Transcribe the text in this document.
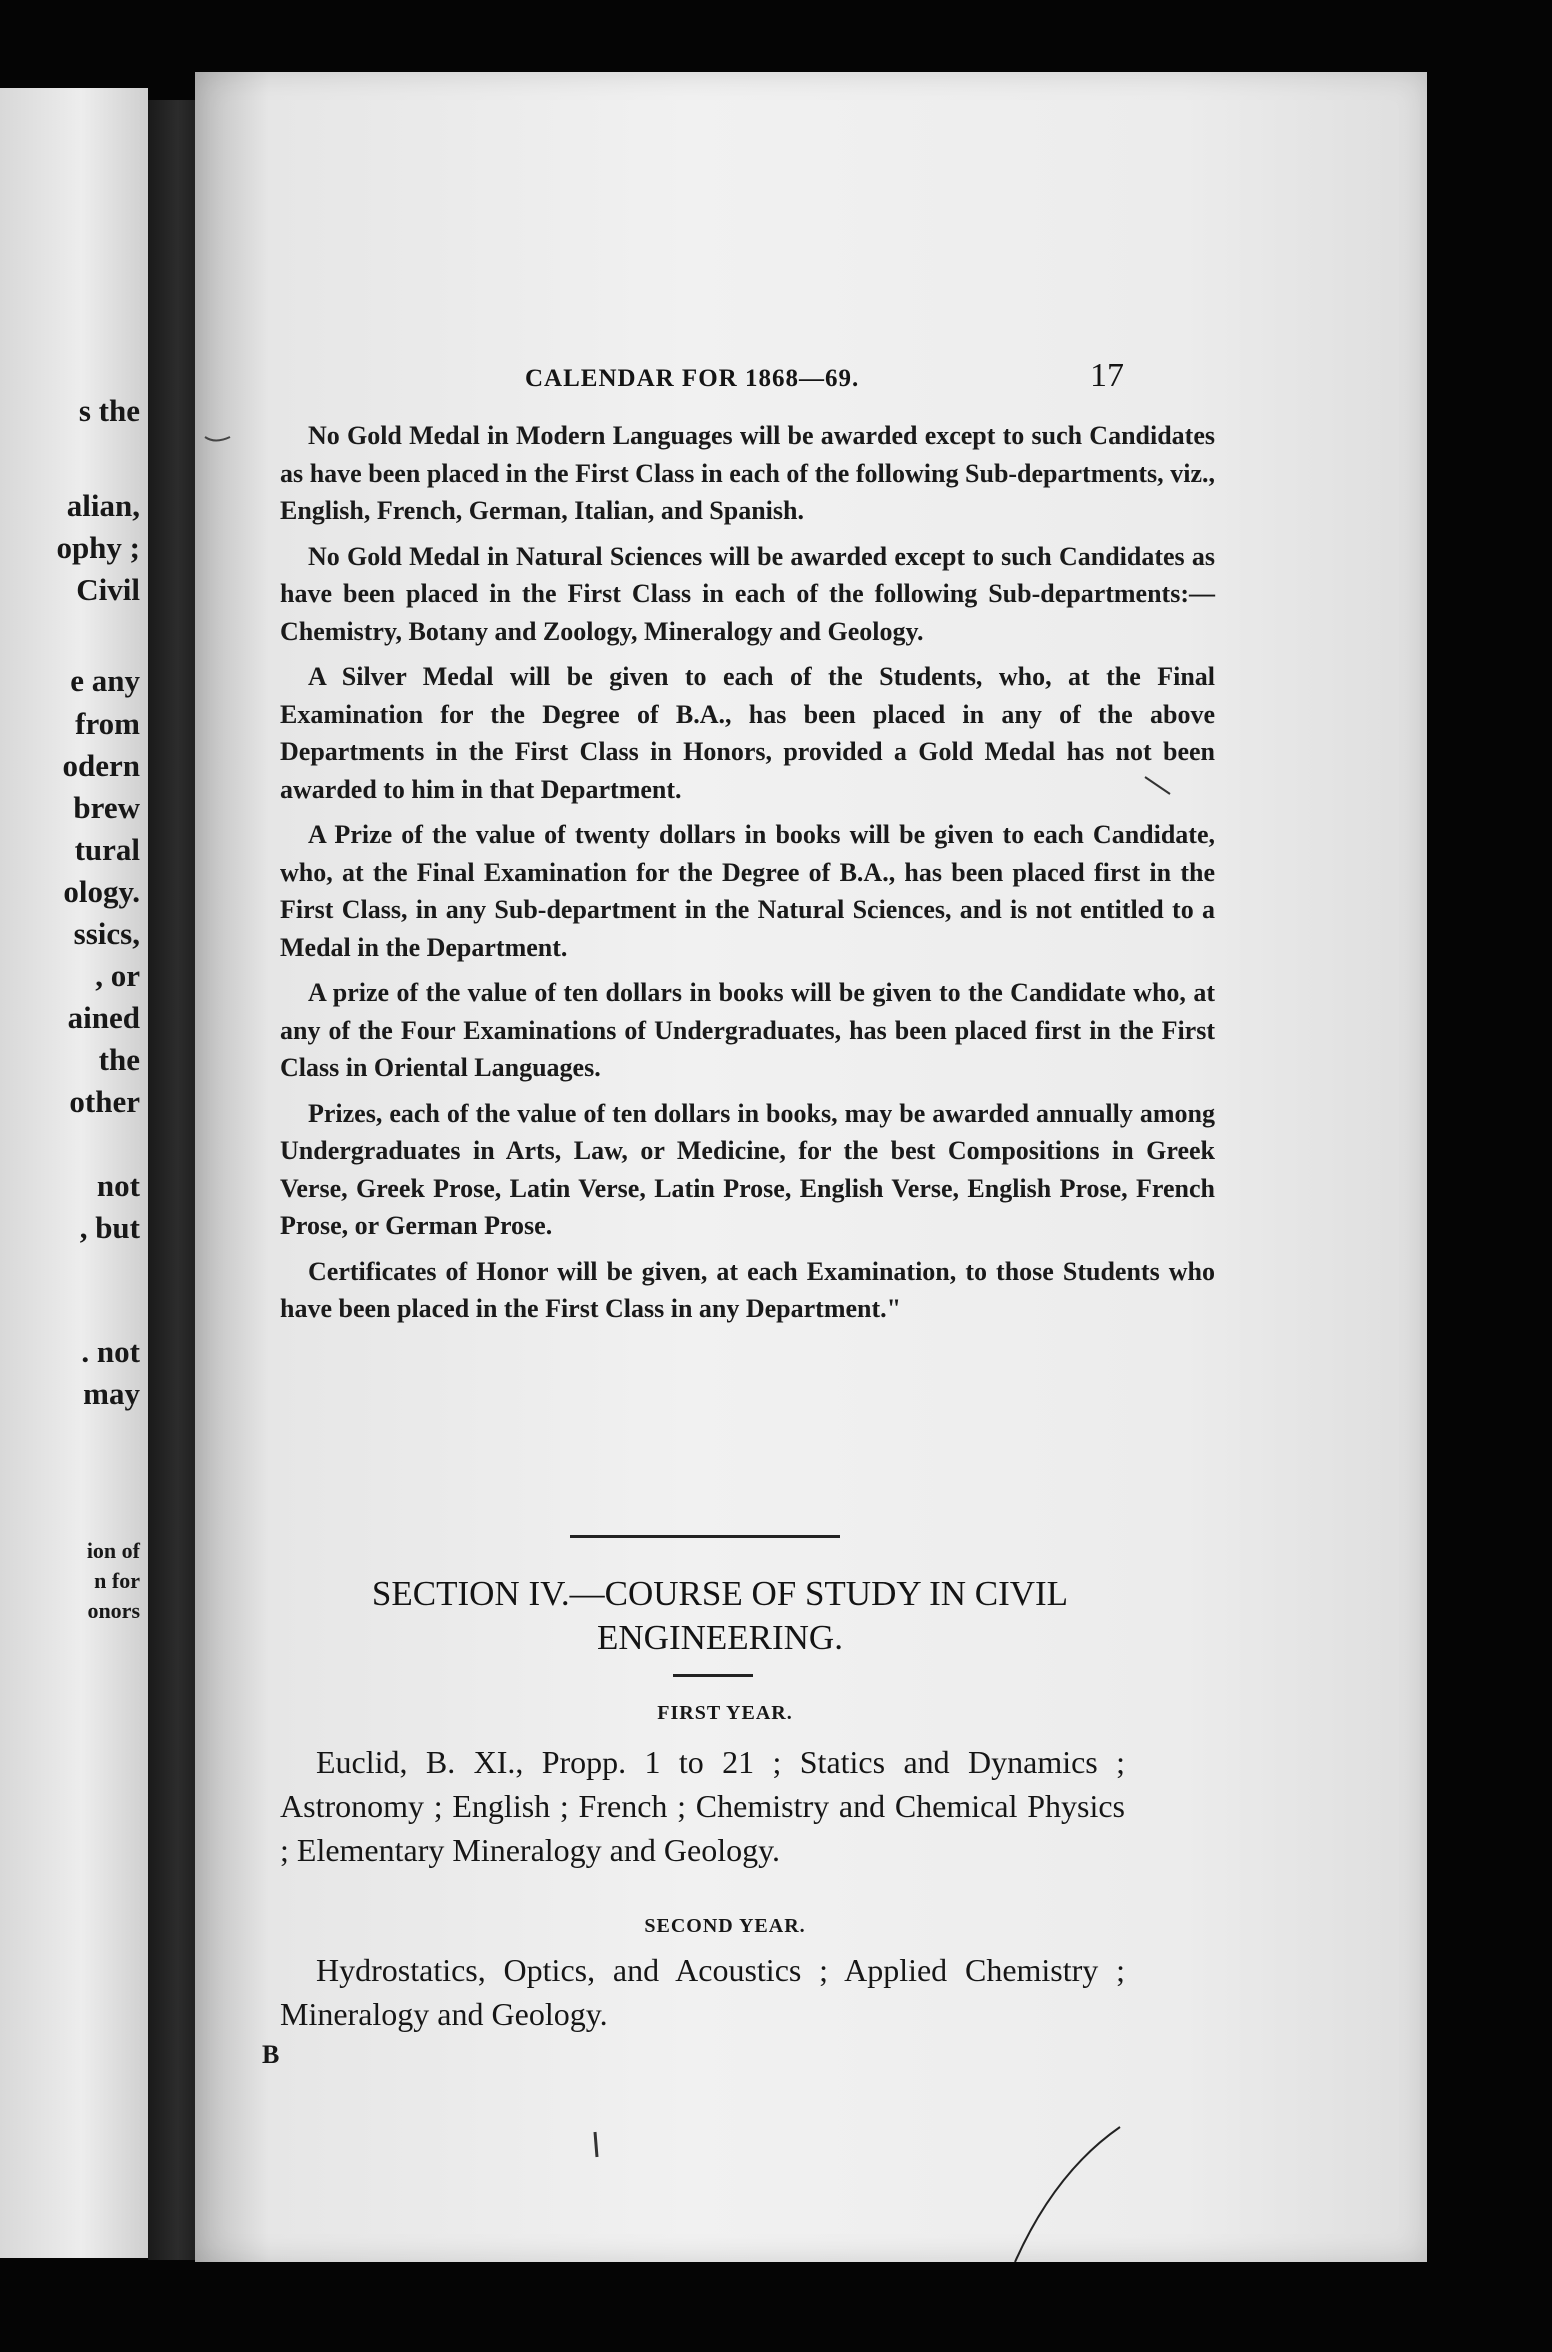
s the
alian,
ophy ;
Civil
e any
from
odern
brew
tural
ology.
ssics,
, or
ained
the
other
not
, but
. not
may
ion of
n for
onors
CALENDAR FOR 1868—69.	17

No Gold Medal in Modern Languages will be awarded except to such Candidates as have been placed in the First Class in each of the following Sub-departments, viz., English, French, German, Italian, and Spanish.

No Gold Medal in Natural Sciences will be awarded except to such Candidates as have been placed in the First Class in each of the following Sub-departments:—Chemistry, Botany and Zoology, Mineralogy and Geology.

A Silver Medal will be given to each of the Students, who, at the Final Examination for the Degree of B.A., has been placed in any of the above Departments in the First Class in Honors, provided a Gold Medal has not been awarded to him in that Department.

A Prize of the value of twenty dollars in books will be given to each Candidate, who, at the Final Examination for the Degree of B.A., has been placed first in the First Class, in any Sub-department in the Natural Sciences, and is not entitled to a Medal in the Department.

A prize of the value of ten dollars in books will be given to the Candidate who, at any of the Four Examinations of Undergraduates, has been placed first in the First Class in Oriental Languages.

Prizes, each of the value of ten dollars in books, may be awarded annually among Undergraduates in Arts, Law, or Medicine, for the best Compositions in Greek Verse, Greek Prose, Latin Verse, Latin Prose, English Verse, English Prose, French Prose, or German Prose.

Certificates of Honor will be given, at each Examination, to those Students who have been placed in the First Class in any Department."

SECTION IV.—COURSE OF STUDY IN CIVIL
ENGINEERING.
FIRST YEAR.

Euclid, B. XI., Propp. 1 to 21 ; Statics and Dynamics ; Astronomy ; English ; French ; Chemistry and Chemical Physics ; Elementary Mineralogy and Geology.

SECOND YEAR.

Hydrostatics, Optics, and Acoustics ; Applied Chemistry ; Mineralogy and Geology.

B
